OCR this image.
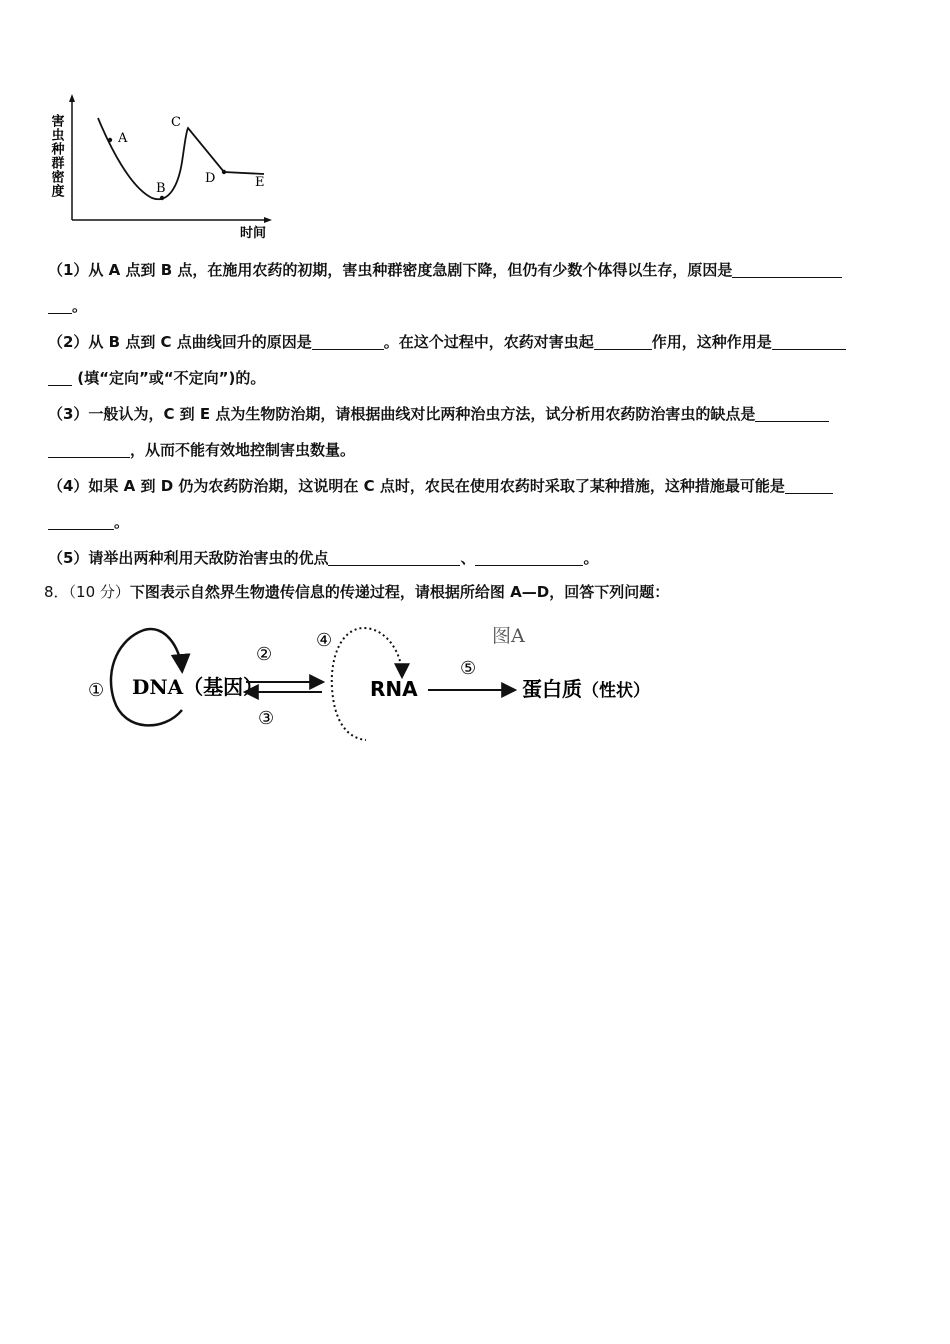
害虫种群密度
时间
A
B
C
D	E
（1）从 A 点到 B 点，在施用农药的初期，害虫种群密度急剧下降，但仍有少数个体得以生存，原因是
。
（2）从 B 点到 C 点曲线回升的原因是	。在这个过程中，农药对害虫起	作用，这种作用是
(填“定向”或“不定向”)的。
（3）一般认为，C 到 E 点为生物防治期，请根据曲线对比两种治虫方法，试分析用农药防治害虫的缺点是
，从而不能有效地控制害虫数量。
（4）如果 A 到 D 仍为农药防治期，这说明在 C 点时，农民在使用农药时采取了某种措施，这种措施最可能是
。
（5）请举出两种利用天敌防治害虫的优点	、	。
8．（10 分）下图表示自然界生物遗传信息的传递过程，请根据所给图 A—D，回答下列问题：
① DNA（基因）
②
③
④
RNA
⑤
蛋白质 （性状）
图A
